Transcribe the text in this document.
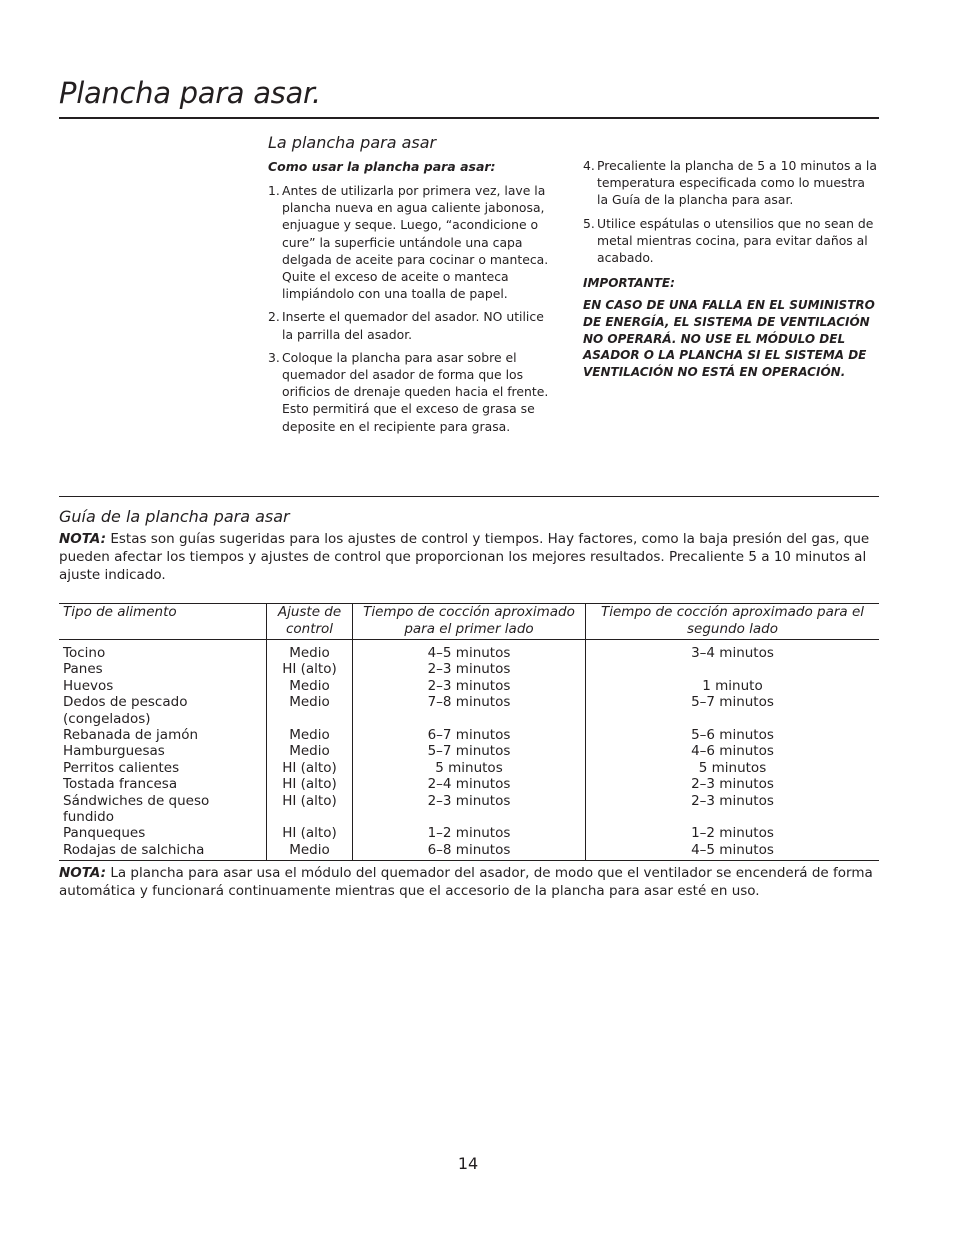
Plancha para asar.
La plancha para asar
Como usar la plancha para asar:
1. Antes de utilizarla por primera vez, lave la plancha nueva en agua caliente jabonosa, enjuague y seque. Luego, “acondicione o cure” la superficie untándole una capa delgada de aceite para cocinar o manteca. Quite el exceso de aceite o manteca limpiándolo con una toalla de papel.
2. Inserte el quemador del asador. NO utilice la parrilla del asador.
3. Coloque la plancha para asar sobre el quemador del asador de forma que los orificios de drenaje queden hacia el frente. Esto permitirá que el exceso de grasa se deposite en el recipiente para grasa.
4. Precaliente la plancha de 5 a 10 minutos a la temperatura especificada como lo muestra la Guía de la plancha para asar.
5. Utilice espátulas o utensilios que no sean de metal mientras cocina, para evitar daños al acabado.
IMPORTANTE:
EN CASO DE UNA FALLA EN EL SUMINISTRO DE ENERGÍA, EL SISTEMA DE VENTILACIÓN NO OPERARÁ. NO USE EL MÓDULO DEL ASADOR O LA PLANCHA SI EL SISTEMA DE VENTILACIÓN NO ESTÁ EN OPERACIÓN.
Guía de la plancha para asar

NOTA: Estas son guías sugeridas para los ajustes de control y tiempos. Hay factores, como la baja presión del gas, que pueden afectar los tiempos y ajustes de control que proporcionan los mejores resultados. Precaliente 5 a 10 minutos al ajuste indicado.

Tipo de alimento	Ajuste de control	Tiempo de cocción aproximado para el primer lado	Tiempo de cocción aproximado para el segundo lado
Tocino	Medio	4–5 minutos	3–4 minutos
Panes	HI (alto)	2–3 minutos	
Huevos	Medio	2–3 minutos	1 minuto
Dedos de pescado (congelados)	Medio	7–8 minutos	5–7 minutos
Rebanada de jamón	Medio	6–7 minutos	5–6 minutos
Hamburguesas	Medio	5–7 minutos	4–6 minutos
Perritos calientes	HI (alto)	5 minutos	5 minutos
Tostada francesa	HI (alto)	2–4 minutos	2–3 minutos
Sándwiches de queso fundido	HI (alto)	2–3 minutos	2–3 minutos
Panqueques	HI (alto)	1–2 minutos	1–2 minutos
Rodajas de salchicha	Medio	6–8 minutos	4–5 minutos

NOTA: La plancha para asar usa el módulo del quemador del asador, de modo que el ventilador se encenderá de forma automática y funcionará continuamente mientras que el accesorio de la plancha para asar esté en uso.

14
